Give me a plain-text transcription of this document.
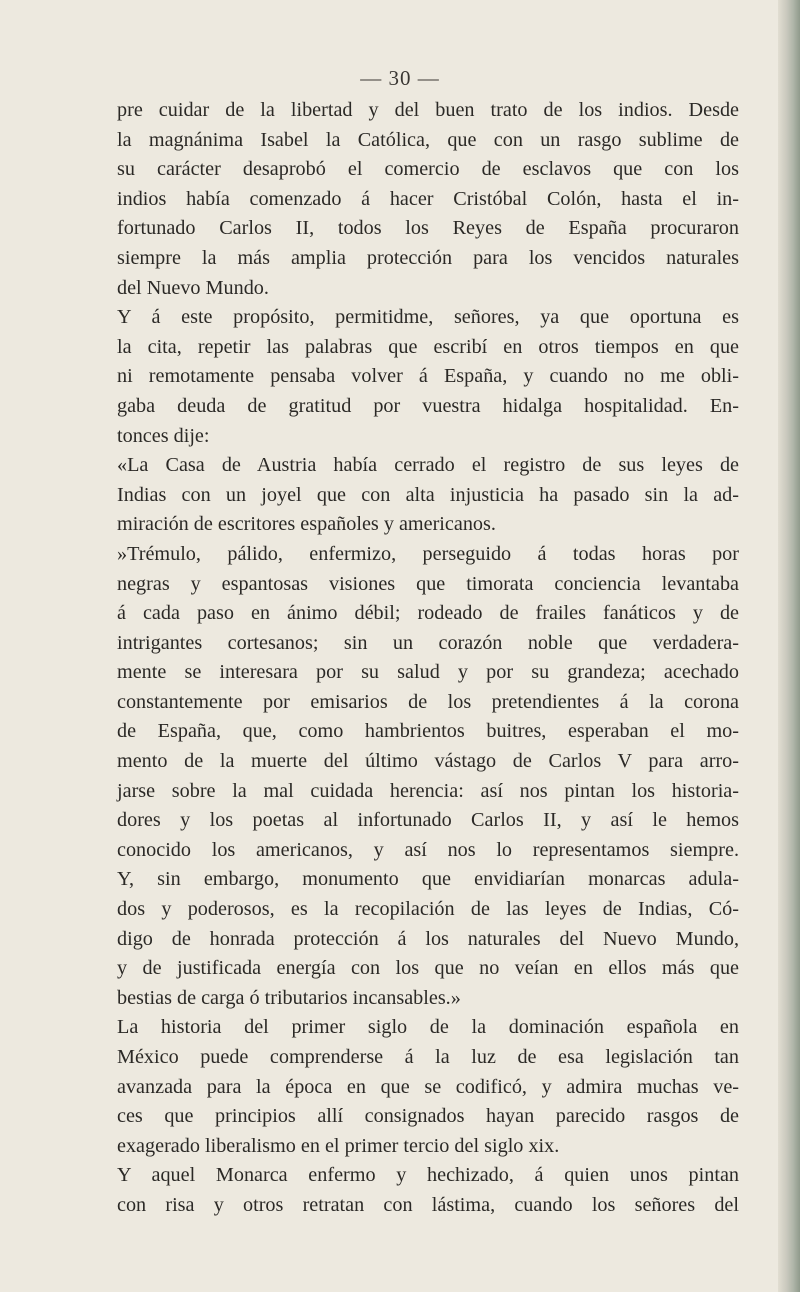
— 30 —
pre cuidar de la libertad y del buen trato de los indios. Desde
la magnánima Isabel la Católica, que con un rasgo sublime de
su carácter desaprobó el comercio de esclavos que con los
indios había comenzado á hacer Cristóbal Colón, hasta el in-
fortunado Carlos II, todos los Reyes de España procuraron
siempre la más amplia protección para los vencidos naturales
del Nuevo Mundo.
Y á este propósito, permitidme, señores, ya que oportuna es
la cita, repetir las palabras que escribí en otros tiempos en que
ni remotamente pensaba volver á España, y cuando no me obli-
gaba deuda de gratitud por vuestra hidalga hospitalidad. En-
tonces dije:
«La Casa de Austria había cerrado el registro de sus leyes de
Indias con un joyel que con alta injusticia ha pasado sin la ad-
miración de escritores españoles y americanos.
»Trémulo, pálido, enfermizo, perseguido á todas horas por
negras y espantosas visiones que timorata conciencia levantaba
á cada paso en ánimo débil; rodeado de frailes fanáticos y de
intrigantes cortesanos; sin un corazón noble que verdadera-
mente se interesara por su salud y por su grandeza; acechado
constantemente por emisarios de los pretendientes á la corona
de España, que, como hambrientos buitres, esperaban el mo-
mento de la muerte del último vástago de Carlos V para arro-
jarse sobre la mal cuidada herencia: así nos pintan los historia-
dores y los poetas al infortunado Carlos II, y así le hemos
conocido los americanos, y así nos lo representamos siempre.
Y, sin embargo, monumento que envidiarían monarcas adula-
dos y poderosos, es la recopilación de las leyes de Indias, Có-
digo de honrada protección á los naturales del Nuevo Mundo,
y de justificada energía con los que no veían en ellos más que
bestias de carga ó tributarios incansables.»
La historia del primer siglo de la dominación española en
México puede comprenderse á la luz de esa legislación tan
avanzada para la época en que se codificó, y admira muchas ve-
ces que principios allí consignados hayan parecido rasgos de
exagerado liberalismo en el primer tercio del siglo xix.
Y aquel Monarca enfermo y hechizado, á quien unos pintan
con risa y otros retratan con lástima, cuando los señores del
